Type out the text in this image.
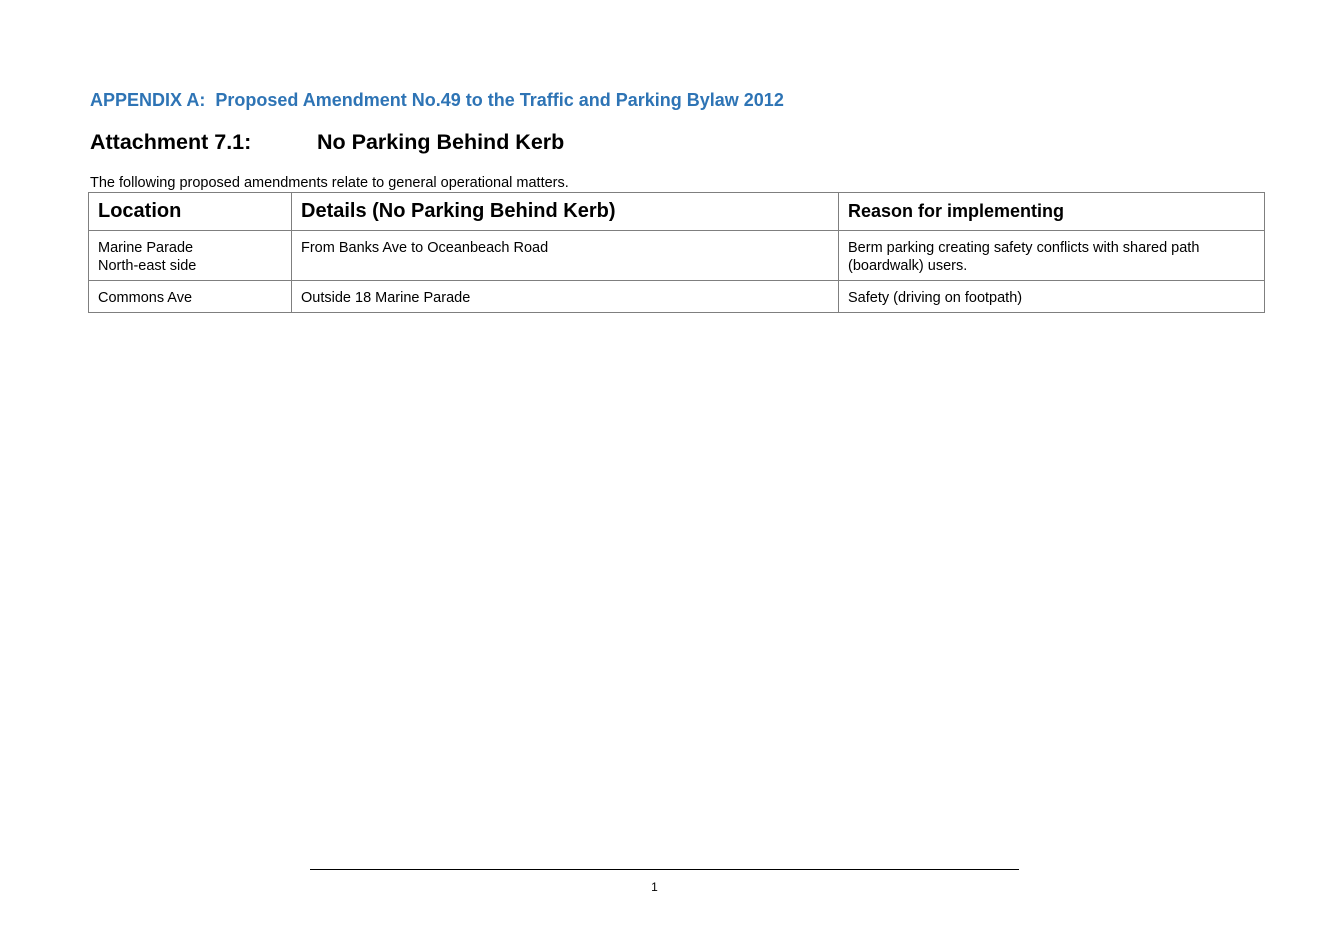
APPENDIX A:  Proposed Amendment No.49 to the Traffic and Parking Bylaw 2012
Attachment 7.1:	No Parking Behind Kerb
The following proposed amendments relate to general operational matters.
Location	Details (No Parking Behind Kerb)	Reason for implementing

Marine Parade
North-east side	From Banks Ave to Oceanbeach Road	Berm parking creating safety conflicts with shared path (boardwalk) users.

Commons Ave	Outside 18 Marine Parade	Safety (driving on footpath)
1
